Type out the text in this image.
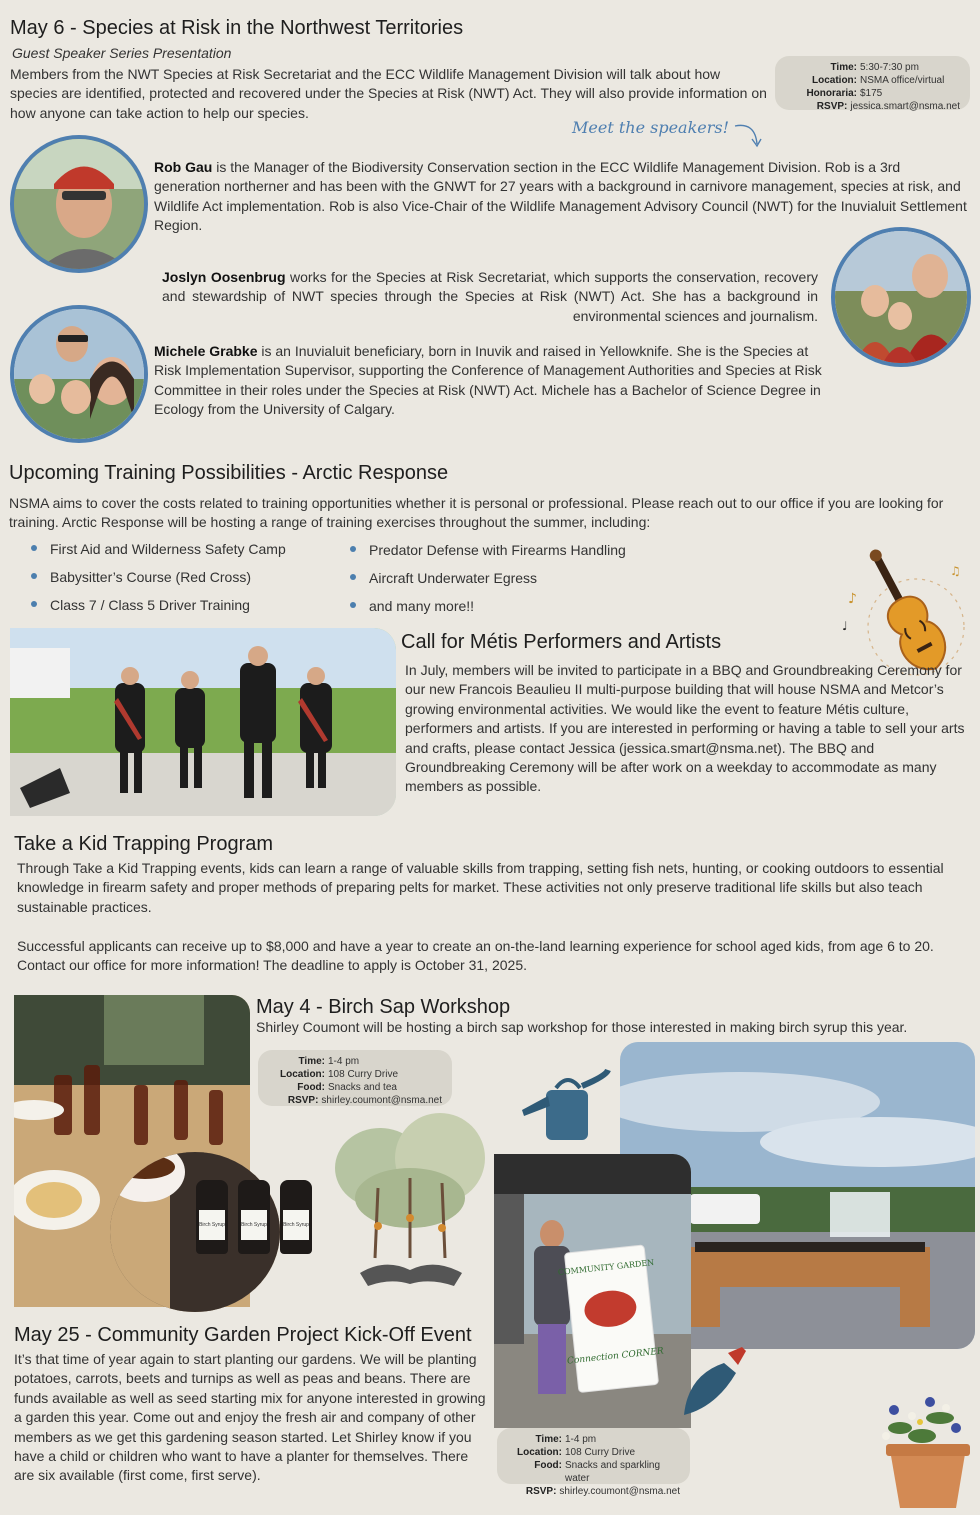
May 6 - Species at Risk in the Northwest Territories
Guest Speaker Series Presentation

Members from the NWT Species at Risk Secretariat and the ECC Wildlife Management Division will talk about how species are identified, protected and recovered under the Species at Risk (NWT) Act. They will also provide information on how anyone can take action to help our species.

Time: 5:30-7:30 pm
Location: NSMA office/virtual
Honoraria: $175
RSVP: jessica.smart@nsma.net
Meet the speakers!

Rob Gau is the Manager of the Biodiversity Conservation section in the ECC Wildlife Management Division. Rob is a 3rd generation northerner and has been with the GNWT for 27 years with a background in carnivore management, species at risk, and Wildlife Act implementation. Rob is also Vice-Chair of the Wildlife Management Advisory Council (NWT) for the Inuvialuit Settlement Region.

Joslyn Oosenbrug works for the Species at Risk Secretariat, which supports the conservation, recovery and stewardship of NWT species through the Species at Risk (NWT) Act. She has a background in environmental sciences and journalism.

Michele Grabke is an Inuvialuit beneficiary, born in Inuvik and raised in Yellowknife. She is the Species at Risk Implementation Supervisor, supporting the Conference of Management Authorities and Species at Risk Committee in their roles under the Species at Risk (NWT) Act. Michele has a Bachelor of Science Degree in Ecology from the University of Calgary.

Upcoming Training Possibilities - Arctic Response

NSMA aims to cover the costs related to training opportunities whether it is personal or professional. Please reach out to our office if you are looking for training. Arctic Response will be hosting a range of training exercises throughout the summer, including:

First Aid and Wilderness Safety Camp
Babysitter’s Course (Red Cross)
Class 7 / Class 5 Driver Training
Predator Defense with Firearms Handling
Aircraft Underwater Egress
and many more!!	♪
♫
♩
Call for Métis Performers and Artists

In July, members will be invited to participate in a BBQ and Groundbreaking Ceremony for our new Francois Beaulieu II multi-purpose building that will house NSMA and Metcor’s growing environmental activities. We would like the event to feature Métis culture, performers and artists. If you are interested in performing or having a table to sell your arts and crafts, please contact Jessica (jessica.smart@nsma.net). The BBQ and Groundbreaking Ceremony will be after work on a weekday to accommodate as many members as possible.

Take a Kid Trapping Program

Through Take a Kid Trapping events, kids can learn a range of valuable skills from trapping, setting fish nets, hunting, or cooking outdoors to essential knowledge in firearm safety and proper methods of preparing pelts for market. These activities not only preserve traditional life skills but also teach sustainable practices.

Successful applicants can receive up to $8,000 and have a year to create an on-the-land learning experience for school aged kids, from age 6 to 20. Contact our office for more information! The deadline to apply is October 31, 2025.

Birch Syrup	Birch Syrup	Birch Syrup
May 4 - Birch Sap Workshop

Shirley Coumont will be hosting a birch sap workshop for those interested in making birch syrup this year.

Time: 1-4 pm
Location: 108 Curry Drive
Food: Snacks and tea
RSVP: shirley.coumont@nsma.net
COMMUNITY GARDEN
Connection CORNER
May 25 - Community Garden Project Kick-Off Event

It’s that time of year again to start planting our gardens. We will be planting potatoes, carrots, beets and turnips as well as peas and beans. There are funds available as well as seed starting mix for anyone interested in growing a garden this year. Come out and enjoy the fresh air and company of other members as we get this gardening season started. Let Shirley know if you have a child or children who want to have a planter for themselves. There are six available (first come, first serve).

Time: 1-4 pm
Location: 108 Curry Drive
Food: Snacks and sparkling water
RSVP: shirley.coumont@nsma.net
